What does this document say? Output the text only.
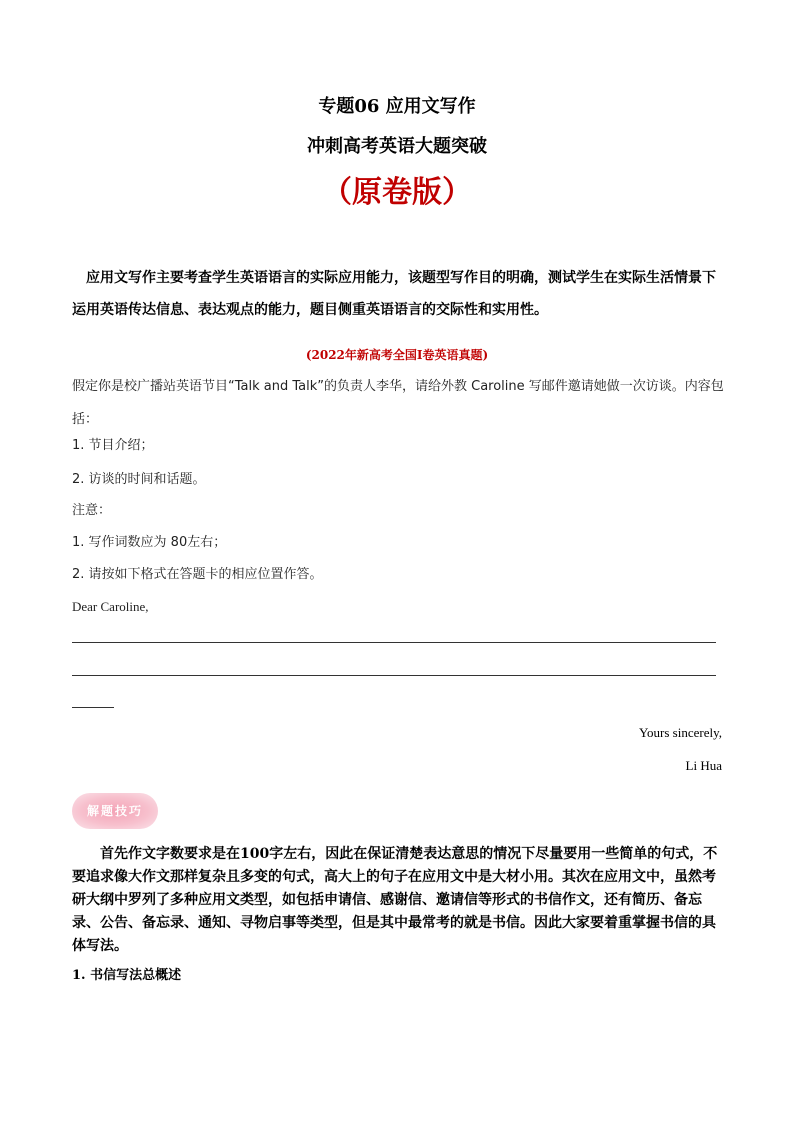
专题06 应用文写作
冲刺高考英语大题突破
（原卷版）
应用文写作主要考查学生英语语言的实际应用能力，该题型写作目的明确，测试学生在实际生活情景下运用英语传达信息、表达观点的能力，题目侧重英语语言的交际性和实用性。
(2022年新高考全国Ⅰ卷英语真题)
假定你是校广播站英语节目“Talk and Talk”的负责人李华，请给外教 Caroline 写邮件邀请她做一次访谈。内容包括：
1. 节目介绍；
2. 访谈的时间和话题。
注意：
1. 写作词数应为 80左右；
2. 请按如下格式在答题卡的相应位置作答。
Dear Caroline,
Yours sincerely,
Li Hua
解题技巧
首先作文字数要求是在100字左右，因此在保证清楚表达意思的情况下尽量要用一些简单的句式，不要追求像大作文那样复杂且多变的句式，高大上的句子在应用文中是大材小用。其次在应用文中，虽然考研大纲中罗列了多种应用文类型，如包括申请信、感谢信、邀请信等形式的书信作文，还有简历、备忘录、公告、备忘录、通知、寻物启事等类型，但是其中最常考的就是书信。因此大家要着重掌握书信的具体写法。
1. 书信写法总概述
